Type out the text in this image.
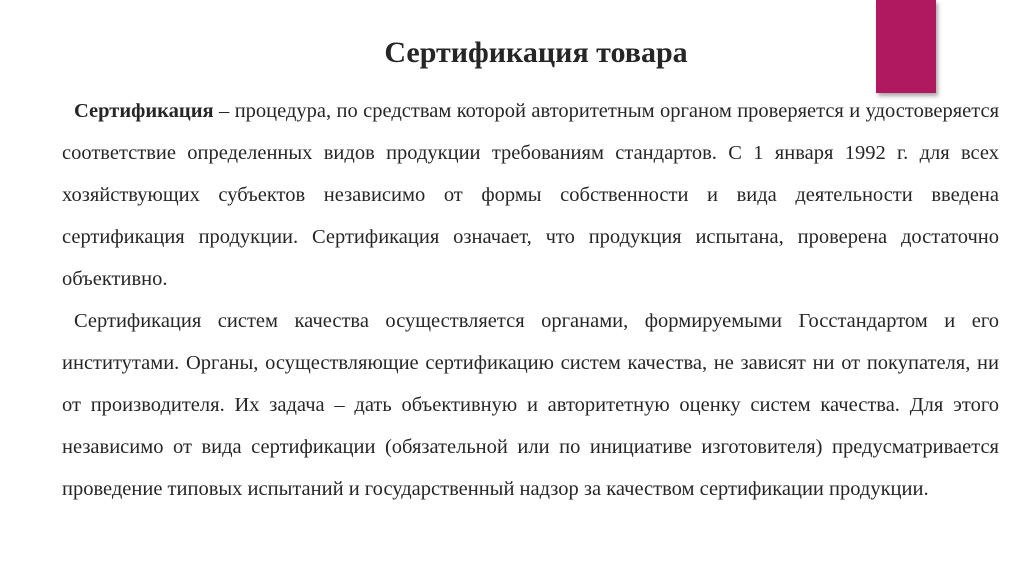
Сертификация товара

Сертификация – процедура, по средствам которой авторитетным органом проверяется и удостоверяется соответствие определенных видов продукции требованиям стандартов. С 1 января 1992 г. для всех хозяйствующих субъектов независимо от формы собственности и вида деятельности введена сертификация продукции. Сертификация означает, что продукция испытана, проверена достаточно объективно.

Сертификация систем качества осуществляется органами, формируемыми Госстандартом и его институтами. Органы, осуществляющие сертификацию систем качества, не зависят ни от покупателя, ни от производителя. Их задача – дать объективную и авторитетную оценку систем качества. Для этого независимо от вида сертификации (обязательной или по инициативе изготовителя) предусматривается проведение типовых испытаний и государственный надзор за качеством сертификации продукции.
